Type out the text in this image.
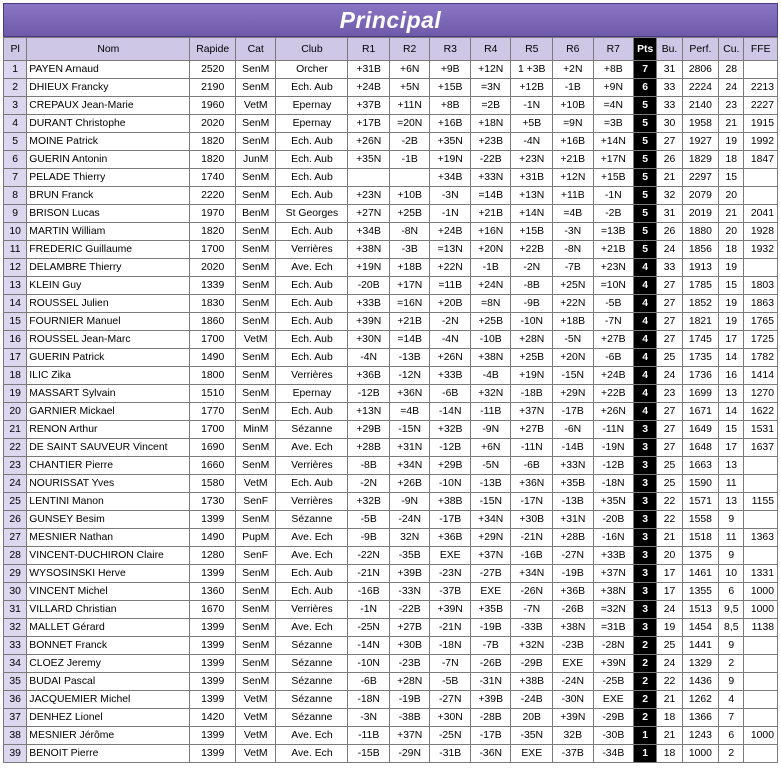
Principal
Pl	Nom	Rapide	Cat	Club	R1	R2	R3	R4	R5	R6	R7	Pts	Bu.	Perf.	Cu.	FFE
1	PAYEN Arnaud	2520	SenM	Orcher	+31B	+6N	+9B	+12N	1 +3B	+2N	+8B	7	31	2806	28	
2	DHIEUX Francky	2190	SenM	Ech. Aub	+24B	+5N	+15B	=3N	+12B	-1B	+9N	6	33	2224	24	2213
3	CREPAUX Jean-Marie	1960	VetM	Epernay	+37B	+11N	+8B	=2B	-1N	+10B	=4N	5	33	2140	23	2227
4	DURANT Christophe	2020	SenM	Epernay	+17B	=20N	+16B	+18N	+5B	=9N	=3B	5	30	1958	21	1915
5	MOINE Patrick	1820	SenM	Ech. Aub	+26N	-2B	+35N	+23B	-4N	+16B	+14N	5	27	1927	19	1992
6	GUERIN Antonin	1820	JunM	Ech. Aub	+35N	-1B	+19N	-22B	+23N	+21B	+17N	5	26	1829	18	1847
7	PELADE Thierry	1740	SenM	Ech. Aub			+34B	+33N	+31B	+12N	+15B	5	21	2297	15	
8	BRUN Franck	2220	SenM	Ech. Aub	+23N	+10B	-3N	=14B	+13N	+11B	-1N	5	32	2079	20	
9	BRISON Lucas	1970	BenM	St Georges	+27N	+25B	-1N	+21B	+14N	=4B	-2B	5	31	2019	21	2041
10	MARTIN William	1820	SenM	Ech. Aub	+34B	-8N	+24B	+16N	+15B	-3N	=13B	5	26	1880	20	1928
11	FREDERIC Guillaume	1700	SenM	Verrières	+38N	-3B	=13N	+20N	+22B	-8N	+21B	5	24	1856	18	1932
12	DELAMBRE Thierry	2020	SenM	Ave. Ech	+19N	+18B	+22N	-1B	-2N	-7B	+23N	4	33	1913	19	
13	KLEIN Guy	1339	SenM	Ech. Aub	-20B	+17N	=11B	+24N	-8B	+25N	=10N	4	27	1785	15	1803
14	ROUSSEL Julien	1830	SenM	Ech. Aub	+33B	=16N	+20B	=8N	-9B	+22N	-5B	4	27	1852	19	1863
15	FOURNIER Manuel	1860	SenM	Ech. Aub	+39N	+21B	-2N	+25B	-10N	+18B	-7N	4	27	1821	19	1765
16	ROUSSEL Jean-Marc	1700	VetM	Ech. Aub	+30N	=14B	-4N	-10B	+28N	-5N	+27B	4	27	1745	17	1725
17	GUERIN Patrick	1490	SenM	Ech. Aub	-4N	-13B	+26N	+38N	+25B	+20N	-6B	4	25	1735	14	1782
18	ILIC Zika	1800	SenM	Verrières	+36B	-12N	+33B	-4B	+19N	-15N	+24B	4	24	1736	16	1414
19	MASSART Sylvain	1510	SenM	Epernay	-12B	+36N	-6B	+32N	-18B	+29N	+22B	4	23	1699	13	1270
20	GARNIER Mickael	1770	SenM	Ech. Aub	+13N	=4B	-14N	-11B	+37N	-17B	+26N	4	27	1671	14	1622
21	RENON Arthur	1700	MinM	Sézanne	+29B	-15N	+32B	-9N	+27B	-6N	-11N	3	27	1649	15	1531
22	DE SAINT SAUVEUR Vincent	1690	SenM	Ave. Ech	+28B	+31N	-12B	+6N	-11N	-14B	-19N	3	27	1648	17	1637
23	CHANTIER Pierre	1660	SenM	Verrières	-8B	+34N	+29B	-5N	-6B	+33N	-12B	3	25	1663	13	
24	NOURISSAT Yves	1580	VetM	Ech. Aub	-2N	+26B	-10N	-13B	+36N	+35B	-18N	3	25	1590	11	
25	LENTINI Manon	1730	SenF	Verrières	+32B	-9N	+38B	-15N	-17N	-13B	+35N	3	22	1571	13	1155
26	GUNSEY Besim	1399	SenM	Sézanne	-5B	-24N	-17B	+34N	+30B	+31N	-20B	3	22	1558	9	
27	MESNIER Nathan	1490	PupM	Ave. Ech	-9B	32N	+36B	+29N	-21N	+28B	-16N	3	21	1518	11	1363
28	VINCENT-DUCHIRON Claire	1280	SenF	Ave. Ech	-22N	-35B	EXE	+37N	-16B	-27N	+33B	3	20	1375	9	
29	WYSOSINSKI Herve	1399	SenM	Ech. Aub	-21N	+39B	-23N	-27B	+34N	-19B	+37N	3	17	1461	10	1331
30	VINCENT Michel	1360	SenM	Ech. Aub	-16B	-33N	-37B	EXE	-26N	+36B	+38N	3	17	1355	6	1000
31	VILLARD Christian	1670	SenM	Verrières	-1N	-22B	+39N	+35B	-7N	-26B	=32N	3	24	1513	9,5	1000
32	MALLET Gérard	1399	SenM	Ave. Ech	-25N	+27B	-21N	-19B	-33B	+38N	=31B	3	19	1454	8,5	1138
33	BONNET Franck	1399	SenM	Sézanne	-14N	+30B	-18N	-7B	+32N	-23B	-28N	2	25	1441	9	
34	CLOEZ Jeremy	1399	SenM	Sézanne	-10N	-23B	-7N	-26B	-29B	EXE	+39N	2	24	1329	2	
35	BUDAI Pascal	1399	SenM	Sézanne	-6B	+28N	-5B	-31N	+38B	-24N	-25B	2	22	1436	9	
36	JACQUEMIER Michel	1399	VetM	Sézanne	-18N	-19B	-27N	+39B	-24B	-30N	EXE	2	21	1262	4	
37	DENHEZ Lionel	1420	VetM	Sézanne	-3N	-38B	+30N	-28B	20B	+39N	-29B	2	18	1366	7	
38	MESNIER Jérôme	1399	VetM	Ave. Ech	-11B	+37N	-25N	-17B	-35N	32B	-30B	1	21	1243	6	1000
39	BENOIT Pierre	1399	VetM	Ave. Ech	-15B	-29N	-31B	-36N	EXE	-37B	-34B	1	18	1000	2	
